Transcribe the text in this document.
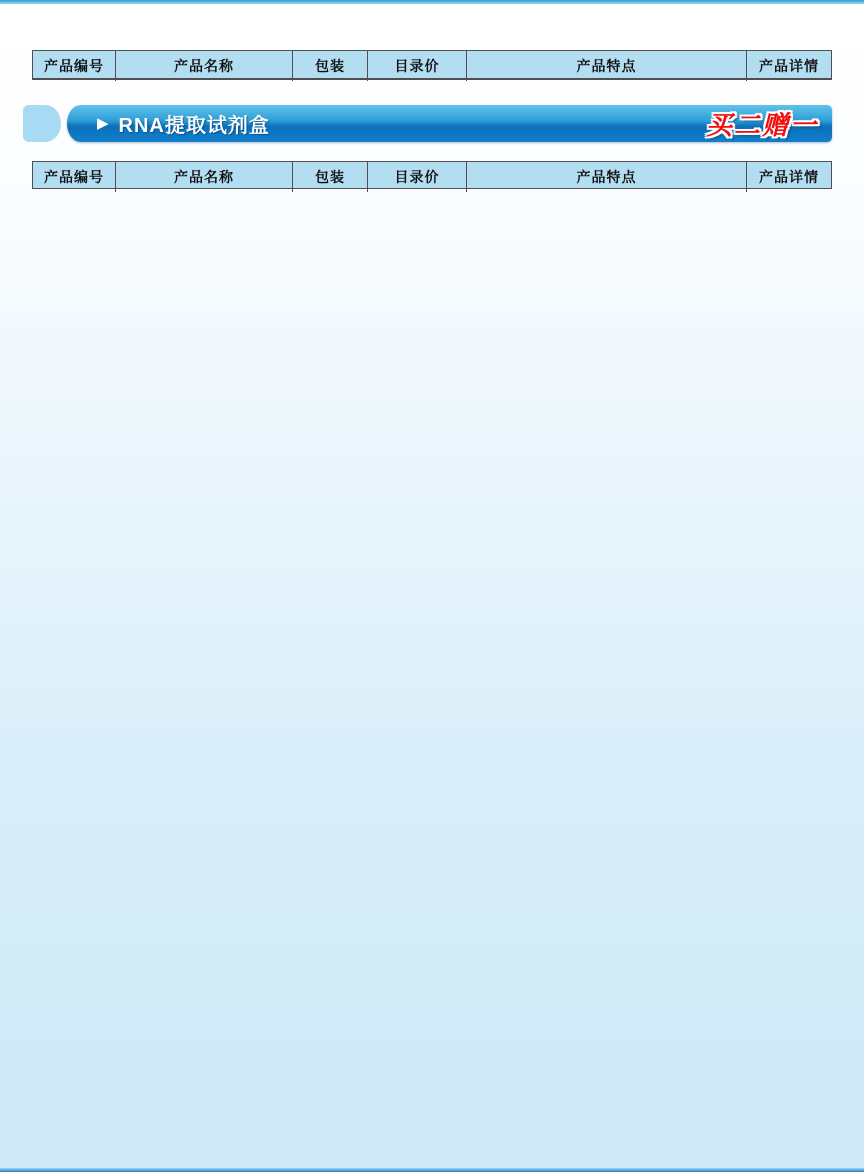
产品编号	产品名称	包装	目录价	产品特点	产品详情
▶ RNA提取试剂盒	买二赠一
产品编号	产品名称	包装	目录价	产品特点	产品详情
